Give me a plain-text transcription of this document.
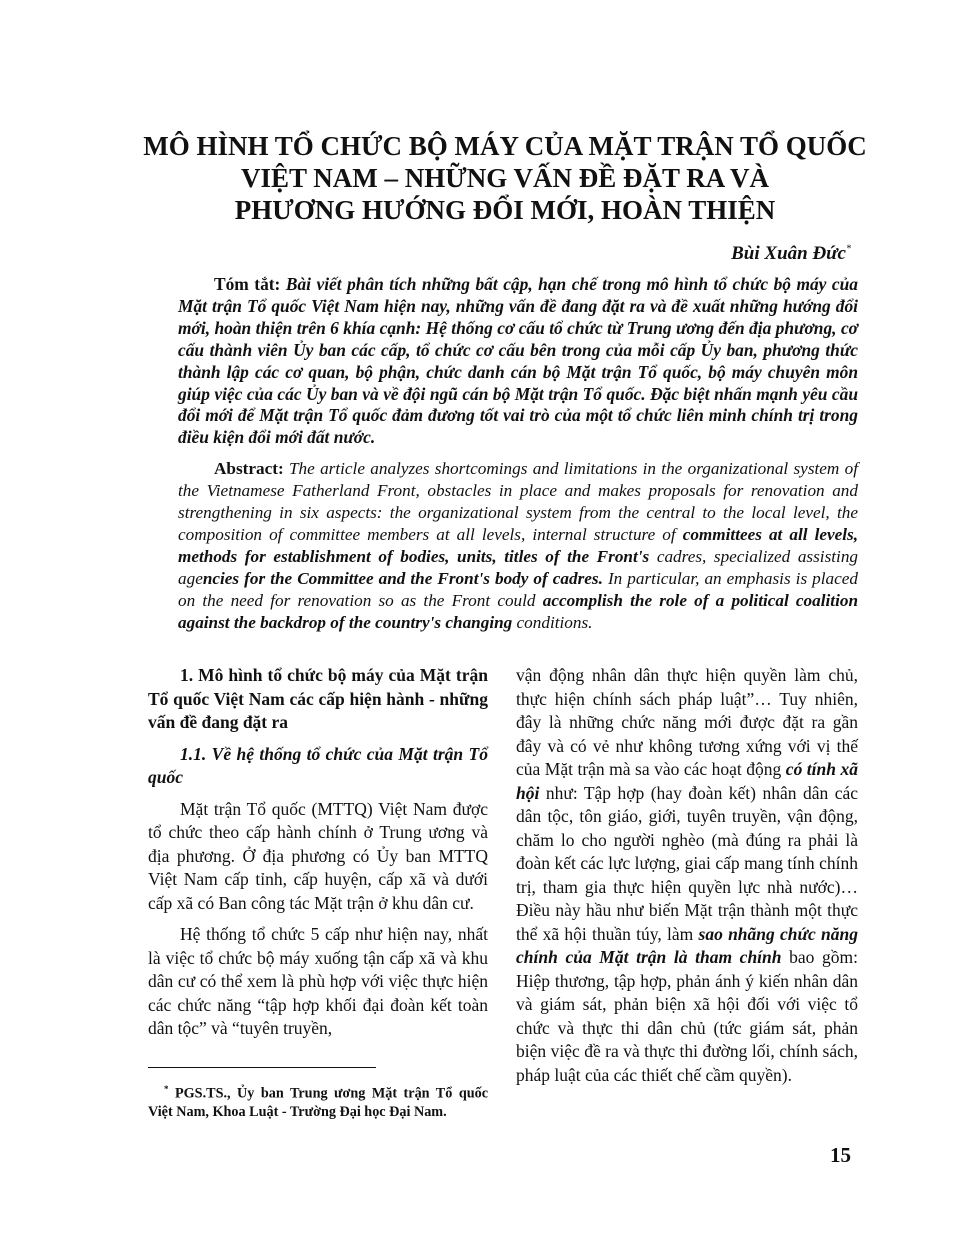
MÔ HÌNH TỔ CHỨC BỘ MÁY CỦA MẶT TRẬN TỔ QUỐC
VIỆT NAM – NHỮNG VẤN ĐỀ ĐẶT RA VÀ
PHƯƠNG HƯỚNG ĐỔI MỚI, HOÀN THIỆN
Bùi Xuân Đức*

Tóm tắt: Bài viết phân tích những bất cập, hạn chế trong mô hình tổ chức bộ máy của Mặt trận Tổ quốc Việt Nam hiện nay, những vấn đề đang đặt ra và đề xuất những hướng đổi mới, hoàn thiện trên 6 khía cạnh: Hệ thống cơ cấu tổ chức từ Trung ương đến địa phương, cơ cấu thành viên Ủy ban các cấp, tổ chức cơ cấu bên trong của mỗi cấp Ủy ban, phương thức thành lập các cơ quan, bộ phận, chức danh cán bộ Mặt trận Tổ quốc, bộ máy chuyên môn giúp việc của các Ủy ban và về đội ngũ cán bộ Mặt trận Tổ quốc. Đặc biệt nhấn mạnh yêu cầu đổi mới để Mặt trận Tổ quốc đảm đương tốt vai trò của một tổ chức liên minh chính trị trong điều kiện đổi mới đất nước.

Abstract: The article analyzes shortcomings and limitations in the organizational system of the Vietnamese Fatherland Front, obstacles in place and makes proposals for renovation and strengthening in six aspects: the organizational system from the central to the local level, the composition of committee members at all levels, internal structure of committees at all levels, methods for establishment of bodies, units, titles of the Front's cadres, specialized assisting agencies for the Committee and the Front's body of cadres. In particular, an emphasis is placed on the need for renovation so as the Front could accomplish the role of a political coalition against the backdrop of the country's changing conditions.

1. Mô hình tổ chức bộ máy của Mặt trận Tổ quốc Việt Nam các cấp hiện hành - những vấn đề đang đặt ra

1.1. Về hệ thống tổ chức của Mặt trận Tổ quốc

Mặt trận Tổ quốc (MTTQ) Việt Nam được tổ chức theo cấp hành chính ở Trung ương và địa phương. Ở địa phương có Ủy ban MTTQ Việt Nam cấp tỉnh, cấp huyện, cấp xã và dưới cấp xã có Ban công tác Mặt trận ở khu dân cư.

Hệ thống tổ chức 5 cấp như hiện nay, nhất là việc tổ chức bộ máy xuống tận cấp xã và khu dân cư có thể xem là phù hợp với việc thực hiện các chức năng “tập hợp khối đại đoàn kết toàn dân tộc” và “tuyên truyền,

vận động nhân dân thực hiện quyền làm chủ, thực hiện chính sách pháp luật”… Tuy nhiên, đây là những chức năng mới được đặt ra gần đây và có vẻ như không tương xứng với vị thế của Mặt trận mà sa vào các hoạt động có tính xã hội như: Tập hợp (hay đoàn kết) nhân dân các dân tộc, tôn giáo, giới, tuyên truyền, vận động, chăm lo cho người nghèo (mà đúng ra phải là đoàn kết các lực lượng, giai cấp mang tính chính trị, tham gia thực hiện quyền lực nhà nước)… Điều này hầu như biến Mặt trận thành một thực thể xã hội thuần túy, làm sao nhãng chức năng chính của Mặt trận là tham chính bao gồm: Hiệp thương, tập hợp, phản ánh ý kiến nhân dân và giám sát, phản biện xã hội đối với việc tổ chức và thực thi dân chủ (tức giám sát, phản biện việc đề ra và thực thi đường lối, chính sách, pháp luật của các thiết chế cầm quyền).

* PGS.TS., Ủy ban Trung ương Mặt trận Tổ quốc Việt Nam, Khoa Luật - Trường Đại học Đại Nam.

15
